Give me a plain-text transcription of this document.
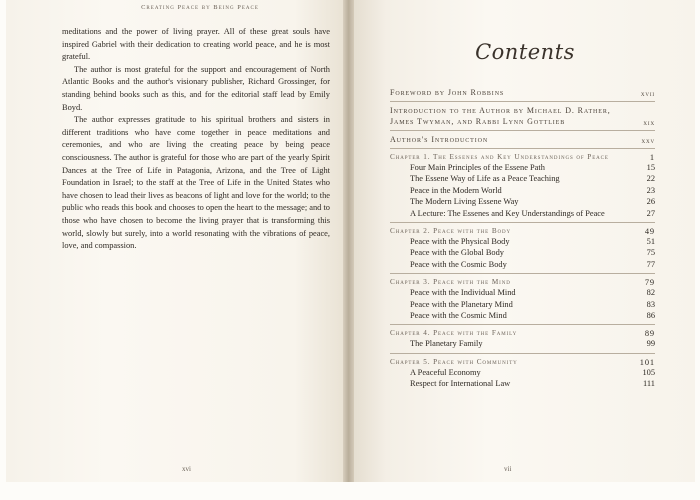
Creating Peace by Being Peace

meditations and the power of living prayer. All of these great souls have inspired Gabriel with their dedication to creating world peace, and he is most grateful.

The author is most grateful for the support and encouragement of North Atlantic Books and the author's visionary publisher, Richard Grossinger, for standing behind books such as this, and for the editorial staff lead by Emily Boyd.

The author expresses gratitude to his spiritual brothers and sisters in different traditions who have come together in peace meditations and ceremonies, and who are living the creating peace by being peace consciousness. The author is grateful for those who are part of the yearly Spirit Dances at the Tree of Life in Patagonia, Arizona, and the Tree of Light Foundation in Israel; to the staff at the Tree of Life in the United States who have chosen to lead their lives as beacons of light and love for the world; to the public who reads this book and chooses to open the heart to the message; and to those who have chosen to become the living prayer that is transforming this world, slowly but surely, into a world resonating with the vibrations of peace, love, and compassion.

xvi
Contents
Foreword by John Robbins	xvii
Introduction to the Author by Michael D. Rather, James Twyman, and Rabbi Lynn Gottlieb	xix
Author's Introduction	xxv
Chapter 1. The Essenes and Key Understandings of Peace	1
Four Main Principles of the Essene Path	15
The Essene Way of Life as a Peace Teaching	22
Peace in the Modern World	23
The Modern Living Essene Way	26
A Lecture: The Essenes and Key Understandings of Peace	27
Chapter 2. Peace with the Body	49
Peace with the Physical Body	51
Peace with the Global Body	75
Peace with the Cosmic Body	77
Chapter 3. Peace with the Mind	79
Peace with the Individual Mind	82
Peace with the Planetary Mind	83
Peace with the Cosmic Mind	86
Chapter 4. Peace with the Family	89
The Planetary Family	99
Chapter 5. Peace with Community	101
A Peaceful Economy	105
Respect for International Law	111
vii
